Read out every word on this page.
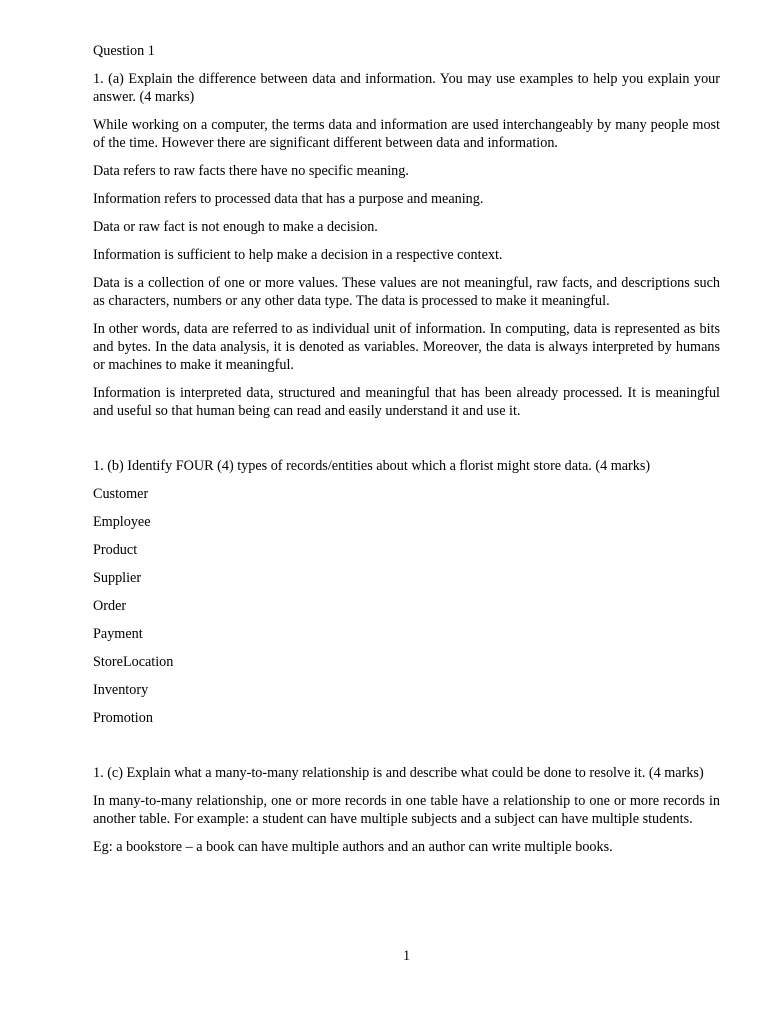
Question 1

1. (a) Explain the difference between data and information. You may use examples to help you explain your answer. (4 marks)

While working on a computer, the terms data and information are used interchangeably by many people most of the time. However there are significant different between data and information.

Data refers to raw facts there have no specific meaning.

Information refers to processed data that has a purpose and meaning.

Data or raw fact is not enough to make a decision.

Information is sufficient to help make a decision in a respective context.

Data is a collection of one or more values. These values are not meaningful, raw facts, and descriptions such as characters, numbers or any other data type. The data is processed to make it meaningful.

In other words, data are referred to as individual unit of information. In computing, data is represented as bits and bytes. In the data analysis, it is denoted as variables. Moreover, the data is always interpreted by humans or machines to make it meaningful.

Information is interpreted data, structured and meaningful that has been already processed. It is meaningful and useful so that human being can read and easily understand it and use it.

1. (b) Identify FOUR (4) types of records/entities about which a florist might store data. (4 marks)

Customer

Employee

Product

Supplier

Order

Payment

StoreLocation

Inventory

Promotion

1. (c) Explain what a many-to-many relationship is and describe what could be done to resolve it. (4 marks)

In many-to-many relationship, one or more records in one table have a relationship to one or more records in another table. For example: a student can have multiple subjects and a subject can have multiple students.

Eg: a bookstore – a book can have multiple authors and an author can write multiple books.

1
